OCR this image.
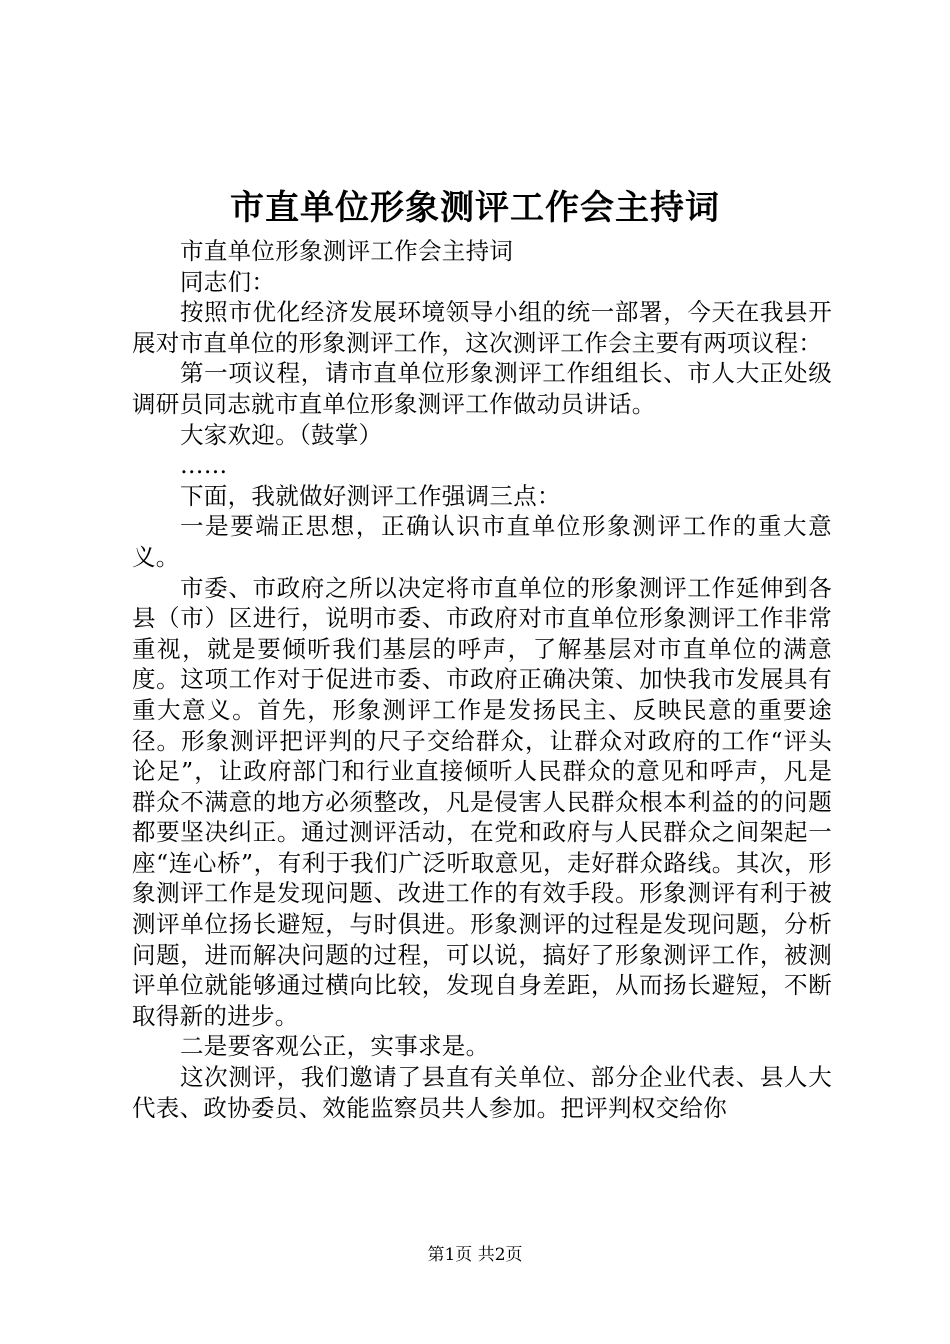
市直单位形象测评工作会主持词

市直单位形象测评工作会主持词

同志们：

按照市优化经济发展环境领导小组的统一部署，今天在我县开展对市直单位的形象测评工作，这次测评工作会主要有两项议程：

第一项议程，请市直单位形象测评工作组组长、市人大正处级调研员同志就市直单位形象测评工作做动员讲话。

大家欢迎。（鼓掌）

……

下面，我就做好测评工作强调三点：

一是要端正思想，正确认识市直单位形象测评工作的重大意义。

市委、市政府之所以决定将市直单位的形象测评工作延伸到各县（市）区进行，说明市委、市政府对市直单位形象测评工作非常重视，就是要倾听我们基层的呼声，了解基层对市直单位的满意度。这项工作对于促进市委、市政府正确决策、加快我市发展具有重大意义。首先，形象测评工作是发扬民主、反映民意的重要途径。形象测评把评判的尺子交给群众，让群众对政府的工作“评头论足”，让政府部门和行业直接倾听人民群众的意见和呼声，凡是群众不满意的地方必须整改，凡是侵害人民群众根本利益的的问题都要坚决纠正。通过测评活动，在党和政府与人民群众之间架起一座“连心桥”，有利于我们广泛听取意见，走好群众路线。其次，形象测评工作是发现问题、改进工作的有效手段。形象测评有利于被测评单位扬长避短，与时俱进。形象测评的过程是发现问题，分析问题，进而解决问题的过程，可以说，搞好了形象测评工作，被测评单位就能够通过横向比较，发现自身差距，从而扬长避短，不断取得新的进步。

二是要客观公正，实事求是。

这次测评，我们邀请了县直有关单位、部分企业代表、县人大代表、政协委员、效能监察员共人参加。把评判权交给你

第1页 共2页
